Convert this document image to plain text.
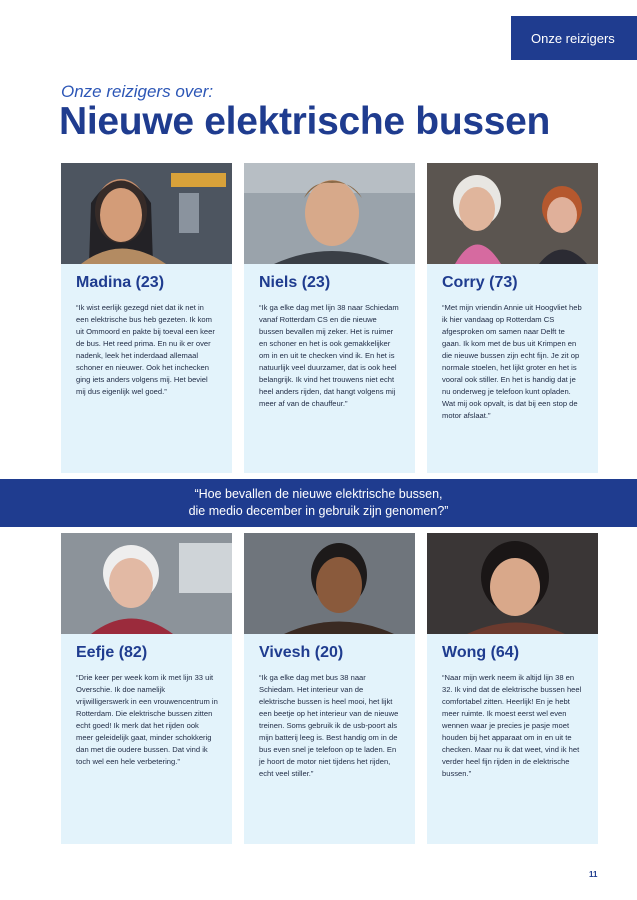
Onze reizigers
Onze reizigers over:
Nieuwe elektrische bussen
Madina (23)

“Ik wist eerlijk gezegd niet dat ik net in een elektrische bus heb gezeten. Ik kom uit Ommoord en pakte bij toeval een keer de bus. Het reed prima. En nu ik er over nadenk, leek het inderdaad allemaal schoner en nieuwer. Ook het inchecken ging iets anders volgens mij. Het beviel mij dus eigenlijk wel goed.”

Niels (23)

“Ik ga elke dag met lijn 38 naar Schiedam vanaf Rotterdam CS en die nieuwe bussen bevallen mij zeker. Het is ruimer en schoner en het is ook gemakkelijker om in en uit te checken vind ik. En het is natuurlijk veel duurzamer, dat is ook heel belangrijk. Ik vind het trouwens niet echt heel anders rijden, dat hangt volgens mij meer af van de chauffeur.”

Corry (73)

“Met mijn vriendin Annie uit Hoogvliet heb ik hier vandaag op Rotterdam CS afgesproken om samen naar Delft te gaan. Ik kom met de bus uit Krimpen en die nieuwe bussen zijn echt fijn. Je zit op normale stoelen, het lijkt groter en het is vooral ook stiller. En het is handig dat je nu onderweg je telefoon kunt opladen. Wat mij ook opvalt, is dat bij een stop de motor afslaat.”

“Hoe bevallen de nieuwe elektrische bussen,
die medio december in gebruik zijn genomen?”
Eefje (82)

“Drie keer per week kom ik met lijn 33 uit Overschie. Ik doe namelijk vrijwilligerswerk in een vrouwencentrum in Rotterdam. Die elektrische bussen zitten echt goed! Ik merk dat het rijden ook meer geleidelijk gaat, minder schokkerig dan met die oudere bussen. Dat vind ik toch wel een hele verbetering.”

Vivesh (20)

“Ik ga elke dag met bus 38 naar Schiedam. Het interieur van de elektrische bussen is heel mooi, het lijkt een beetje op het interieur van de nieuwe treinen. Soms gebruik ik de usb-poort als mijn batterij leeg is. Best handig om in de bus even snel je telefoon op te laden. En je hoort de motor niet tijdens het rijden, echt veel stiller.”

Wong (64)

“Naar mijn werk neem ik altijd lijn 38 en 32. Ik vind dat de elektrische bussen heel comfortabel zitten. Heerlijk! En je hebt meer ruimte. Ik moest eerst wel even wennen waar je precies je pasje moet houden bij het apparaat om in en uit te checken. Maar nu ik dat weet, vind ik het verder heel fijn rijden in de elektrische bussen.”

11
